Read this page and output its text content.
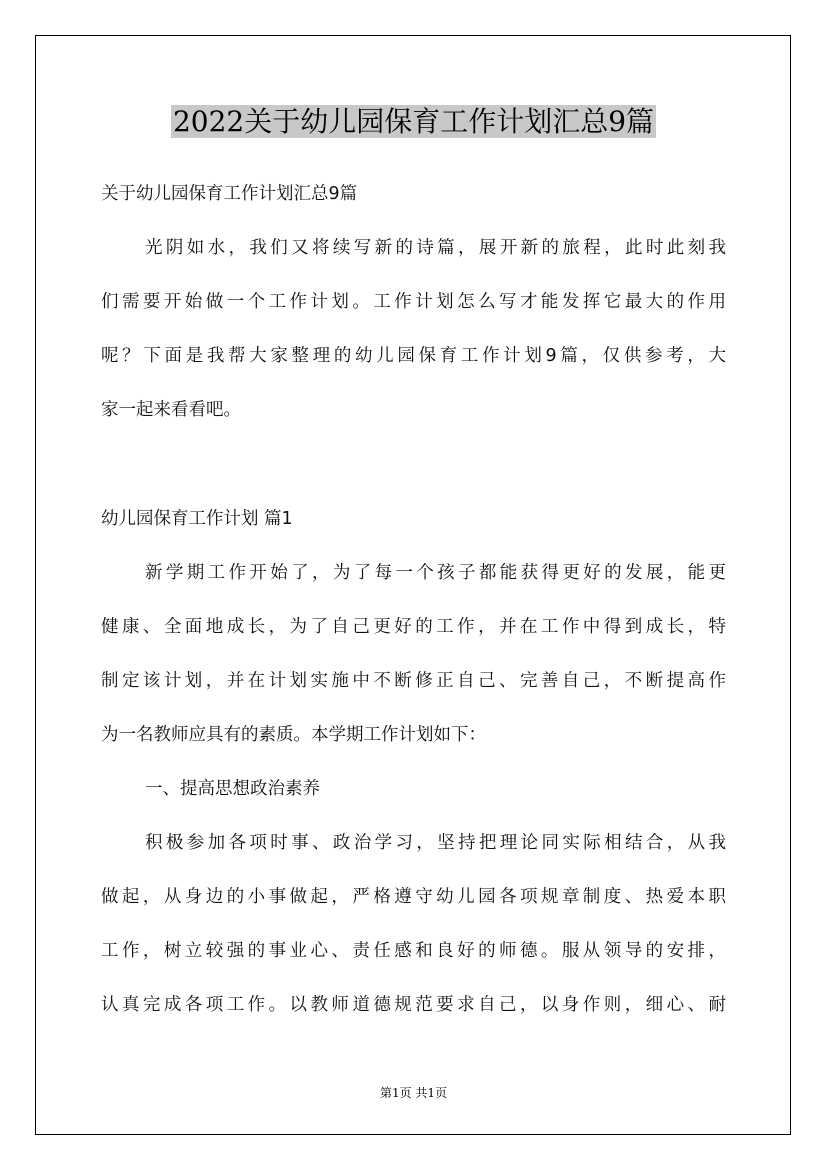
2022关于幼儿园保育工作计划汇总9篇
关于幼儿园保育工作计划汇总9篇
光阴如水，我们又将续写新的诗篇，展开新的旅程，此时此刻我
们需要开始做一个工作计划。工作计划怎么写才能发挥它最大的作用
呢？下面是我帮大家整理的幼儿园保育工作计划9篇，仅供参考，大
家一起来看看吧。
幼儿园保育工作计划 篇1
新学期工作开始了，为了每一个孩子都能获得更好的发展，能更
健康、全面地成长，为了自己更好的工作，并在工作中得到成长，特
制定该计划，并在计划实施中不断修正自己、完善自己，不断提高作
为一名教师应具有的素质。本学期工作计划如下：
一、提高思想政治素养
积极参加各项时事、政治学习，坚持把理论同实际相结合，从我
做起，从身边的小事做起，严格遵守幼儿园各项规章制度、热爱本职
工作，树立较强的事业心、责任感和良好的师德。服从领导的安排，
认真完成各项工作。以教师道德规范要求自己，以身作则，细心、耐
第1页 共1页
